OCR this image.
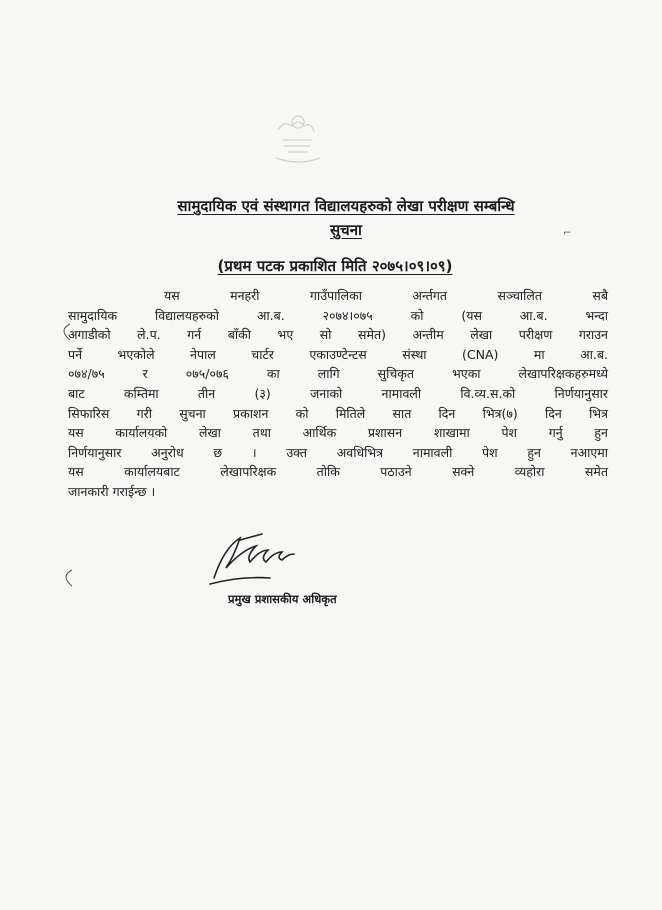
सामुदायिक एवं संस्थागत विद्यालयहरुको लेखा परीक्षण सम्बन्धि
सुचना	⌐
(प्रथम पटक प्रकाशित मिति २०७५।०९।०९)
यस मनहरी गाउँपालिका अर्न्तगत सञ्चालित सबै
सामुदायिक विद्यालयहरुको आ.ब. २०७४।०७५ को (यस आ.ब. भन्दा
अगाडीको ले.प. गर्न बाँकी भए सो समेत) अन्तीम लेखा परीक्षण गराउन
पर्ने भएकोले नेपाल चार्टर एकाउण्टेन्टस संस्था (CNA) मा आ.ब.
०७४/७५ र ०७५/०७६ का लागि सुचिकृत भएका लेखापरिक्षकहरुमध्ये
बाट कम्तिमा तीन (३) जनाको नामावली वि.व्य.स.को निर्णयानुसार
सिफारिस गरी सुचना प्रकाशन को मितिले सात दिन भित्र(७) दिन भित्र
यस कार्यालयको लेखा तथा आर्थिक प्रशासन शाखामा पेश गर्नु हुन
निर्णयानुसार अनुरोध छ । उक्त अवधिभित्र नामावली पेश हुन नआएमा
यस कार्यालयबाट लेखापरिक्षक तोकि पठाउने सक्ने व्यहोरा समेत
जानकारी गराईन्छ ।
प्रमुख प्रशासकीय अधिकृत
